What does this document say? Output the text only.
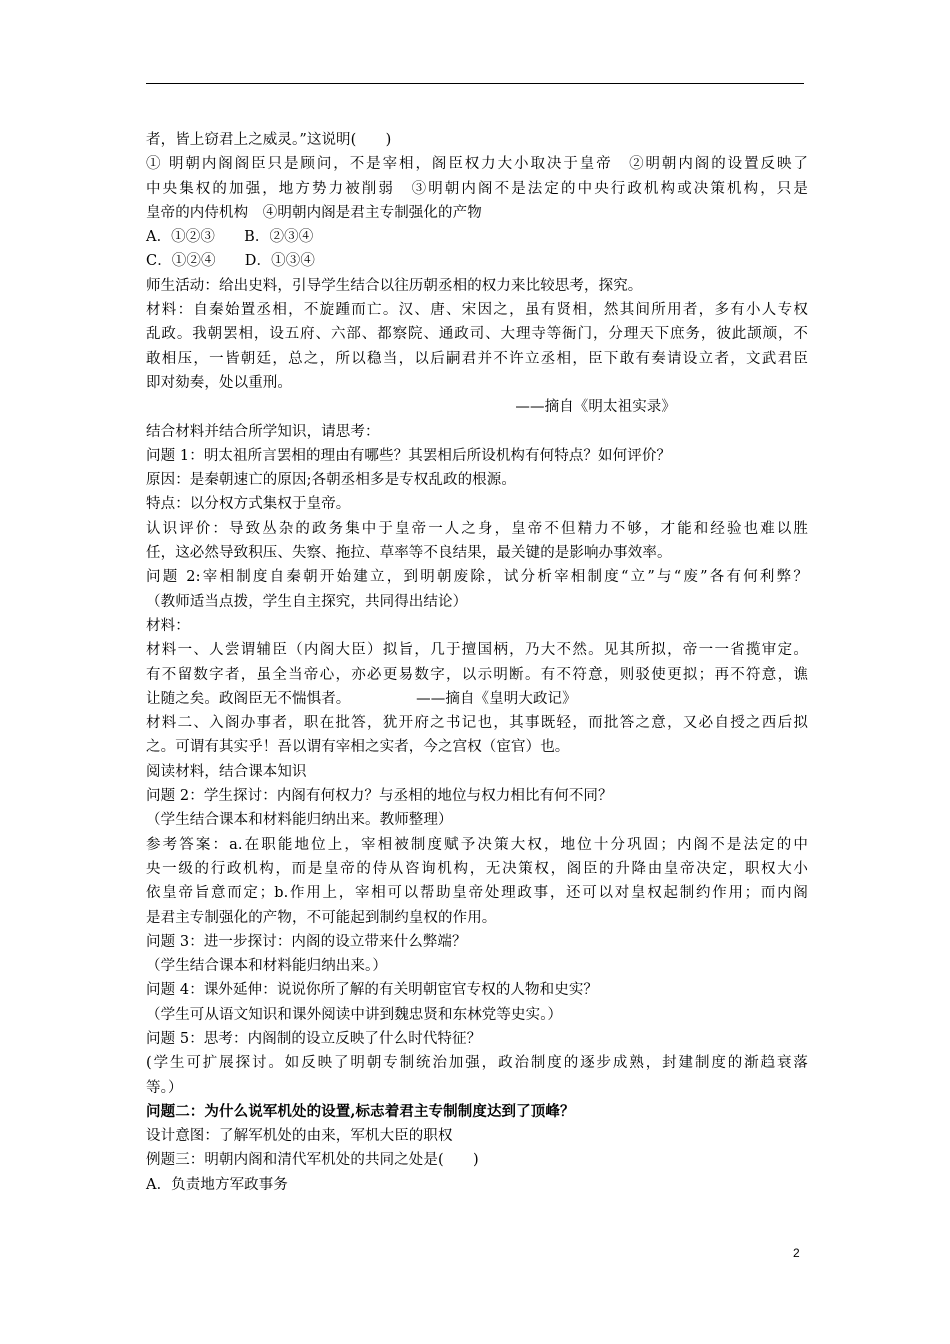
者，皆上窃君上之威灵。”这说明(　　)
① 明朝内阁阁臣只是顾问，不是宰相，阁臣权力大小取决于皇帝　②明朝内阁的设置反映了
中央集权的加强，地方势力被削弱　③明朝内阁不是法定的中央行政机构或决策机构，只是
皇帝的内侍机构　④明朝内阁是君主专制强化的产物
A．①②③　　B．②③④
C．①②④　　D．①③④
师生活动：给出史料，引导学生结合以往历朝丞相的权力来比较思考，探究。
材料：自秦始置丞相，不旋踵而亡。汉、唐、宋因之，虽有贤相，然其间所用者，多有小人专权
乱政。我朝罢相，设五府、六部、都察院、通政司、大理寺等衙门，分理天下庶务，彼此颉颃，不
敢相压，一皆朝廷，总之，所以稳当，以后嗣君并不许立丞相，臣下敢有奏请设立者，文武君臣
即对劾奏，处以重刑。
——摘自《明太祖实录》
结合材料并结合所学知识，请思考：
问题 1：明太祖所言罢相的理由有哪些？其罢相后所设机构有何特点？如何评价？
原因：是秦朝速亡的原因;各朝丞相多是专权乱政的根源。
特点：以分权方式集权于皇帝。
认识评价：导致丛杂的政务集中于皇帝一人之身，皇帝不但精力不够，才能和经验也难以胜
任，这必然导致积压、失察、拖拉、草率等不良结果，最关键的是影响办事效率。
问题 2:宰相制度自秦朝开始建立，到明朝废除，试分析宰相制度“立”与“废”各有何利弊？
（教师适当点拨，学生自主探究，共同得出结论）
材料：
材料一、人尝谓辅臣（内阁大臣）拟旨，几于擅国柄，乃大不然。见其所拟，帝一一省揽审定。
有不留数字者，虽全当帝心，亦必更易数字，以示明断。有不符意，则驳使更拟；再不符意，谯
让随之矣。政阁臣无不惴惧者。　　　　　——摘自《皇明大政记》
材料二、入阁办事者，职在批答，犹开府之书记也，其事既轻，而批答之意，又必自授之西后拟
之。可谓有其实乎！吾以谓有宰相之实者，今之宫权（宦官）也。
阅读材料，结合课本知识
问题 2：学生探讨：内阁有何权力？与丞相的地位与权力相比有何不同？
（学生结合课本和材料能归纳出来。教师整理）
参考答案：a.在职能地位上，宰相被制度赋予决策大权，地位十分巩固；内阁不是法定的中
央一级的行政机构，而是皇帝的侍从咨询机构，无决策权，阁臣的升降由皇帝决定，职权大小
依皇帝旨意而定；b.作用上，宰相可以帮助皇帝处理政事，还可以对皇权起制约作用；而内阁
是君主专制强化的产物，不可能起到制约皇权的作用。
问题 3：进一步探讨：内阁的设立带来什么弊端？
（学生结合课本和材料能归纳出来。）
问题 4：课外延伸：说说你所了解的有关明朝宦官专权的人物和史实？
（学生可从语文知识和课外阅读中讲到魏忠贤和东林党等史实。）
问题 5：思考：内阁制的设立反映了什么时代特征？
(学生可扩展探讨。如反映了明朝专制统治加强，政治制度的逐步成熟，封建制度的渐趋衰落
等。）
问题二：为什么说军机处的设置,标志着君主专制制度达到了顶峰？
设计意图：了解军机处的由来，军机大臣的职权
例题三：明朝内阁和清代军机处的共同之处是(　　)
A．负责地方军政事务
2
